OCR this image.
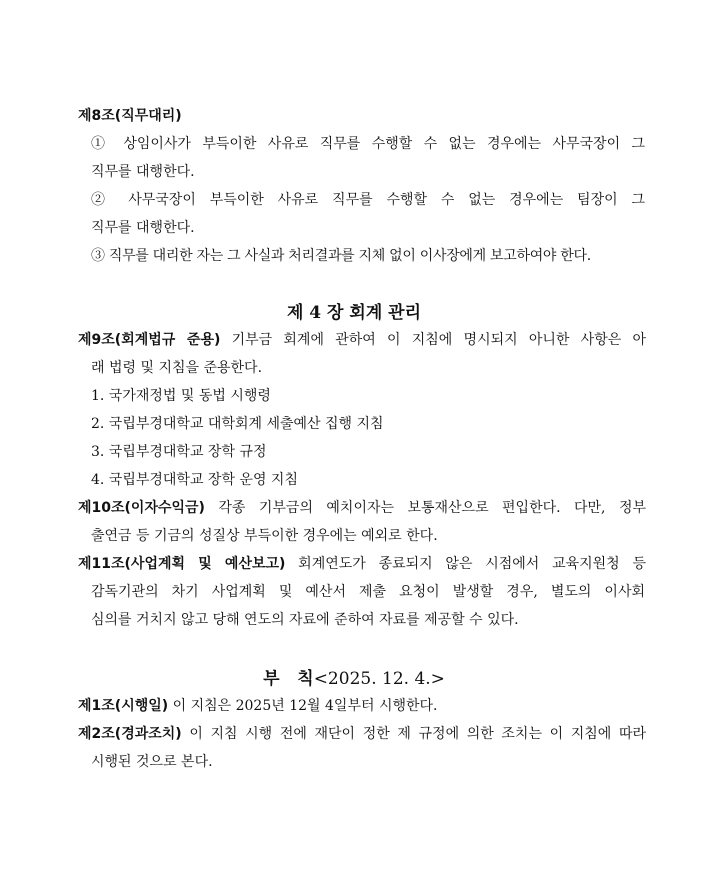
제8조(직무대리)
① 상임이사가 부득이한 사유로 직무를 수행할 수 없는 경우에는 사무국장이 그
직무를 대행한다.
② 사무국장이 부득이한 사유로 직무를 수행할 수 없는 경우에는 팀장이 그
직무를 대행한다.
③ 직무를 대리한 자는 그 사실과 처리결과를 지체 없이 이사장에게 보고하여야 한다.
제 4 장 회계 관리
제9조(회계법규 준용) 기부금 회계에 관하여 이 지침에 명시되지 아니한 사항은 아
래 법령 및 지침을 준용한다.
1. 국가재정법 및 동법 시행령
2. 국립부경대학교 대학회계 세출예산 집행 지침
3. 국립부경대학교 장학 규정
4. 국립부경대학교 장학 운영 지침
제10조(이자수익금) 각종 기부금의 예치이자는 보통재산으로 편입한다. 다만, 정부
출연금 등 기금의 성질상 부득이한 경우에는 예외로 한다.
제11조(사업계획 및 예산보고) 회계연도가 종료되지 않은 시점에서 교육지원청 등
감독기관의 차기 사업계획 및 예산서 제출 요청이 발생할 경우, 별도의 이사회
심의를 거치지 않고 당해 연도의 자료에 준하여 자료를 제공할 수 있다.
부   칙<2025. 12. 4.>
제1조(시행일) 이 지침은 2025년 12월 4일부터 시행한다.
제2조(경과조치) 이 지침 시행 전에 재단이 정한 제 규정에 의한 조치는 이 지침에 따라
시행된 것으로 본다.
